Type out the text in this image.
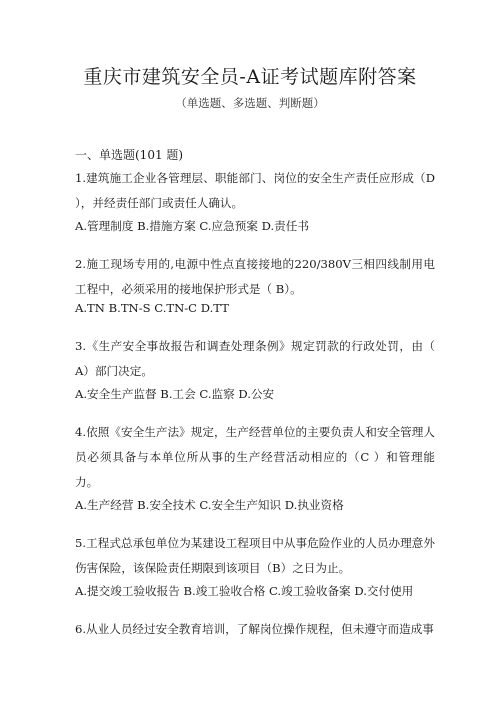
重庆市建筑安全员-A证考试题库附答案

（单选题、多选题、判断题）

一、单选题(101 题)

1.建筑施工企业各管理层、职能部门、岗位的安全生产责任应形成（D ），并经责任部门或责任人确认。

A.管理制度 B.措施方案 C.应急预案 D.责任书

2.施工现场专用的,电源中性点直接接地的220/380V三相四线制用电工程中，必须采用的接地保护形式是（ B）。

A.TN B.TN-S C.TN-C D.TT

3.《生产安全事故报告和调查处理条例》规定罚款的行政处罚，由（ A）部门决定。

A.安全生产监督 B.工会 C.监察 D.公安

4.依照《安全生产法》规定，生产经营单位的主要负责人和安全管理人员必须具备与本单位所从事的生产经营活动相应的（C ）和管理能力。

A.生产经营 B.安全技术 C.安全生产知识 D.执业资格

5.工程式总承包单位为某建设工程项目中从事危险作业的人员办理意外伤害保险，该保险责任期限到该项目（B）之日为止。

A.提交竣工验收报告 B.竣工验收合格 C.竣工验收备案 D.交付使用

6.从业人员经过安全教育培训，了解岗位操作规程，但未遵守而造成事
